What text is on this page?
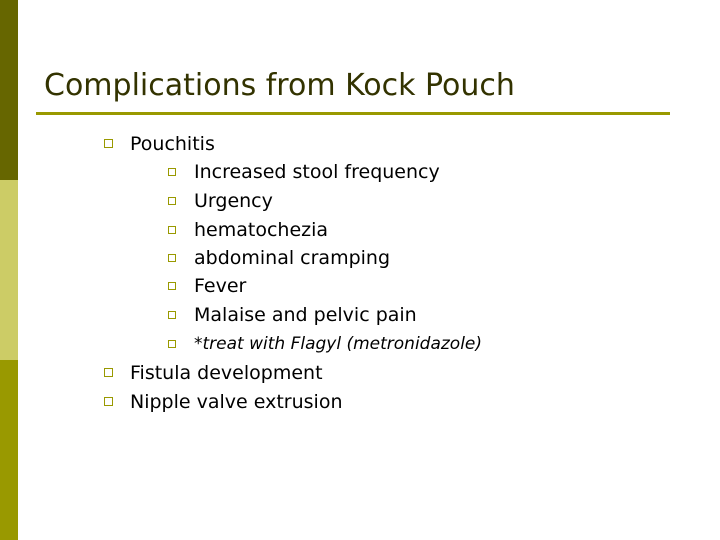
Complications from Kock Pouch
Pouchitis
Increased stool frequency
Urgency
hematochezia
abdominal cramping
Fever
Malaise and pelvic pain
*treat with Flagyl (metronidazole)
Fistula development
Nipple valve extrusion
